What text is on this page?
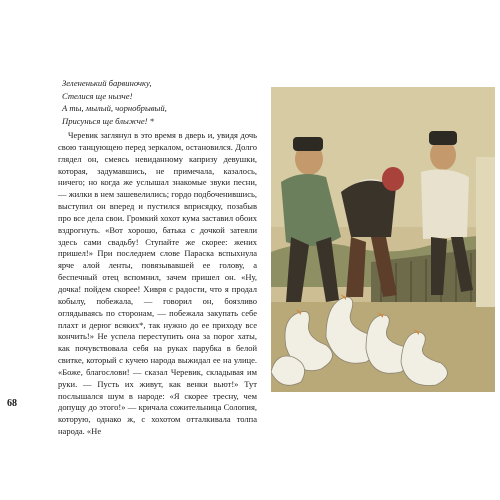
Зелененький барвиночку,
Стелися ще нызче!
А ты, мылый, чорнобрывый,
Присунься ще блыжче! *

Черевик заглянул в это время в дверь и, увидя дочь свою танцующею перед зеркалом, остановился. Долго глядел он, смеясь невиданному капризу девушки, которая, задумавшись, не примечала, казалось, ничего; но когда же услышал знакомые звуки песни, — жилки в нем зашевелились; гордо подбоченившись, выступил он вперед и пустился вприсядку, позабыв про все дела свои. Громкий хохот кума заставил обоих вздрогнуть. «Вот хорошо, батька с дочкой затеяли здесь сами свадьбу! Ступайте же скорее: жених пришел!» При последнем слове Параска вспыхнула ярче алой ленты, повязывавшей ее голову, а беспечный отец вспомнил, зачем пришел он. «Ну, дочка! пойдем скорее! Хивря с радости, что я продал кобылу, побежала, — говорил он, боязливо оглядываясь по сторонам, — побежала закупать себе плахт и дерюг всяких*, так нужно до ее приходу все кончить!» Не успела переступить она за порог хаты, как почувствовала себя на руках парубка в белой свитке, который с кучею народа выжидал ее на улице. «Боже, благослови! — сказал Черевик, складывая им руки. — Пусть их живут, как венки вьют!» Тут послышался шум в народе: «Я скорее тресну, чем допущу до этого!» — кричала сожительница Солопия, которую, однако ж, с хохотом отталкивала толпа народа. «Не

68
